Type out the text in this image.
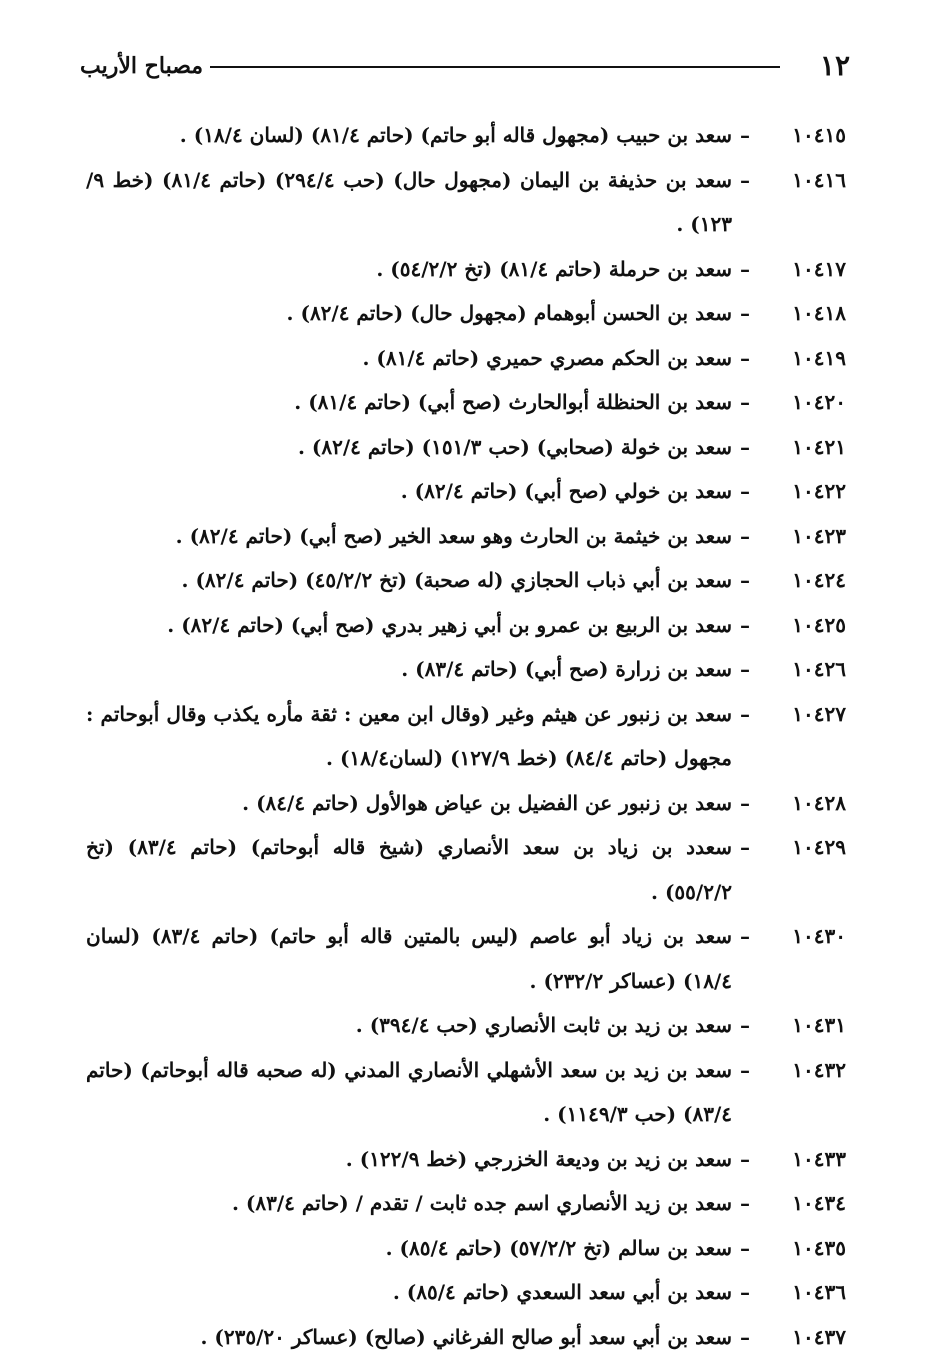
١٢
مصباح الأريب
١٠٤١٥
–
سعد بن حبيب (مجهول قاله أبو حاتم) (حاتم ٨١/٤) (لسان ١٨/٤) .
١٠٤١٦
–
سعد بن حذيفة بن اليمان (مجهول حال) (حب ٢٩٤/٤) (حاتم ٨١/٤) (خط ٩/ ١٢٣) .
١٠٤١٧
–
سعد بن حرملة (حاتم ٨١/٤) (تخ ٥٤/٢/٢) .
١٠٤١٨
–
سعد بن الحسن أبوهمام (مجهول حال) (حاتم ٨٢/٤) .
١٠٤١٩
–
سعد بن الحكم مصري حميري (حاتم ٨١/٤) .
١٠٤٢٠
–
سعد بن الحنظلة أبوالحارث (صح أبي) (حاتم ٨١/٤) .
١٠٤٢١
–
سعد بن خولة (صحابي) (حب ١٥١/٣) (حاتم ٨٢/٤) .
١٠٤٢٢
–
سعد بن خولي (صح أبي) (حاتم ٨٢/٤) .
١٠٤٢٣
–
سعد بن خيثمة بن الحارث وهو سعد الخير (صح أبي) (حاتم ٨٢/٤) .
١٠٤٢٤
–
سعد بن أبي ذباب الحجازي (له صحبة) (تخ ٤٥/٢/٢) (حاتم ٨٢/٤) .
١٠٤٢٥
–
سعد بن الربيع بن عمرو بن أبي زهير بدري (صح أبي) (حاتم ٨٢/٤) .
١٠٤٢٦
–
سعد بن زرارة (صح أبي) (حاتم ٨٣/٤) .
١٠٤٢٧
–
سعد بن زنبور عن هيثم وغير (وقال ابن معين : ثقة مأره يكذب وقال أبوحاتم : مجهول (حاتم ٨٤/٤) (خط ١٢٧/٩) (لسان١٨/٤) .
١٠٤٢٨
–
سعد بن زنبور عن الفضيل بن عياض هوالأول (حاتم ٨٤/٤) .
١٠٤٢٩
–
سعدد بن زياد بن سعد الأنصاري (شيخ قاله أبوحاتم) (حاتم ٨٣/٤) (تخ ٥٥/٢/٢) .
١٠٤٣٠
–
سعد بن زياد أبو عاصم (ليس بالمتين قاله أبو حاتم) (حاتم ٨٣/٤) (لسان ١٨/٤) (عساكر ٢٣٢/٢) .
١٠٤٣١
–
سعد بن زيد بن ثابت الأنصاري (حب ٣٩٤/٤) .
١٠٤٣٢
–
سعد بن زيد بن سعد الأشهلي الأنصاري المدني (له صحبه قاله أبوحاتم) (حاتم ٨٣/٤) (حب ١١٤٩/٣) .
١٠٤٣٣
–
سعد بن زيد بن وديعة الخزرجي (خط ١٢٢/٩) .
١٠٤٣٤
–
سعد بن زيد الأنصاري اسم جده ثابت / تقدم / (حاتم ٨٣/٤) .
١٠٤٣٥
–
سعد بن سالم (تخ ٥٧/٢/٢) (حاتم ٨٥/٤) .
١٠٤٣٦
–
سعد بن أبي سعد السعدي (حاتم ٨٥/٤) .
١٠٤٣٧
–
سعد بن أبي سعد أبو صالح الفرغاني (صالح) (عساكر ٢٣٥/٢٠) .
